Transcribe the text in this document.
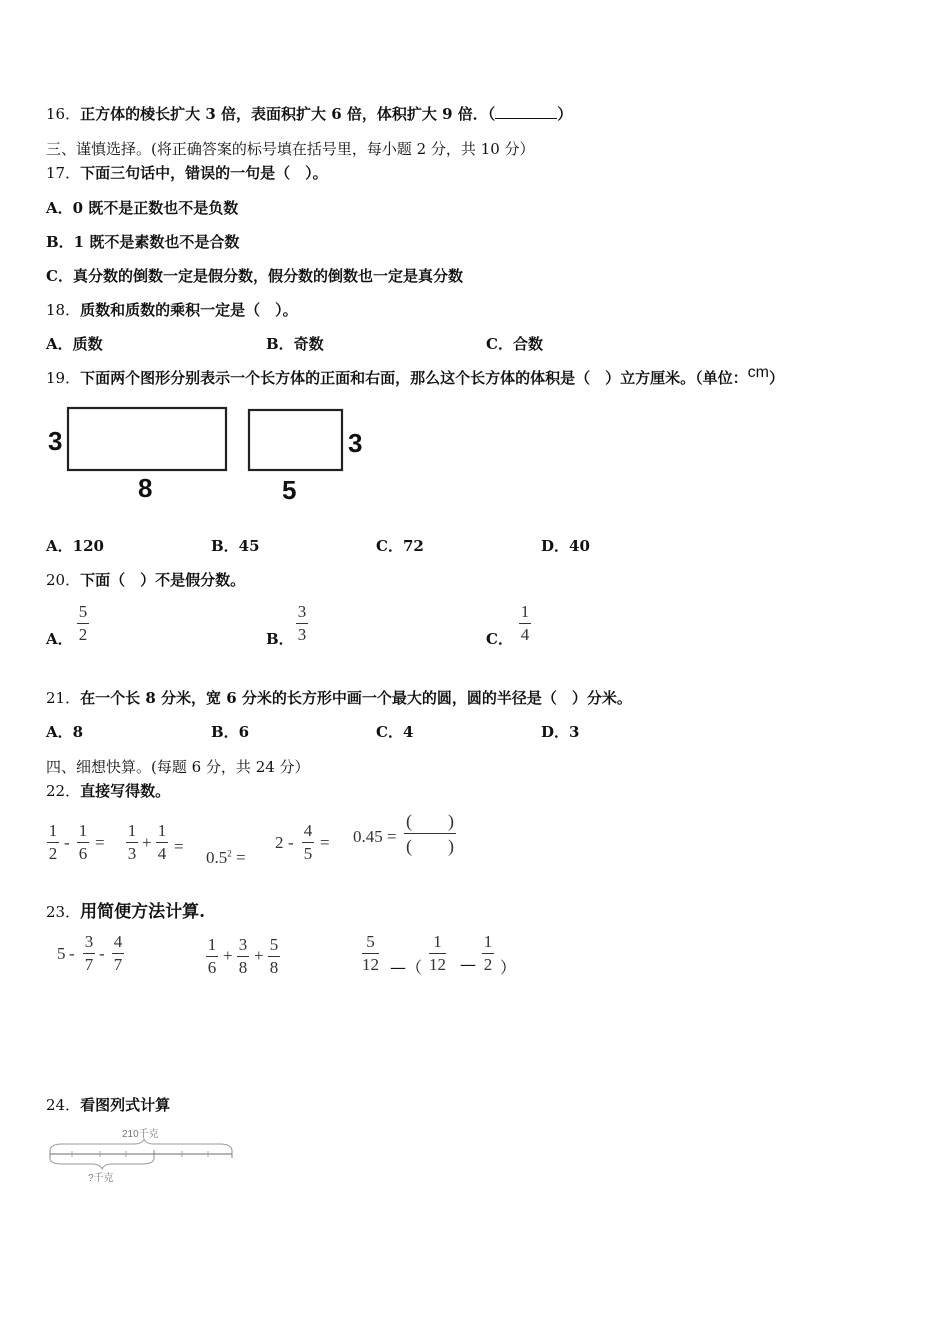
16．正方体的棱长扩大 3 倍，表面积扩大 6 倍，体积扩大 9 倍．（	）
三、谨慎选择。(将正确答案的标号填在括号里，每小题 2 分，共 10 分）
17．下面三句话中，错误的一句是（　）。
A．0 既不是正数也不是负数
B．1 既不是素数也不是合数
C．真分数的倒数一定是假分数，假分数的倒数也一定是真分数
18．质数和质数的乘积一定是（　）。
A．质数	B．奇数	C．合数
19．下面两个图形分别表示一个长方体的正面和右面，那么这个长方体的体积是（　）立方厘米。（单位：cm）
3
8
3
5
A．120	B．45	C．72	D．40
20．下面（　）不是假分数。
A．
5
2	B．
3
3	C．
1
4
21．在一个长 8 分米，宽 6 分米的长方形中画一个最大的圆，圆的半径是（　）分米。
A．8	B．6	C．4	D．3
四、细想快算。(每题 6 分，共 24 分）
22．直接写得数。
1
2
-
1
6
=
1
3
+
1
4 =
$0.5^2$ =
2 -
4
5
= 0.45 =
(　　)
(　　)
23．用简便方法计算.
5 -
3
7
-
4
7
1
6
+
3
8
+
5
8
5
12 —（
1
12 —
1
2 ）
24．看图列式计算
210千克
?千克
